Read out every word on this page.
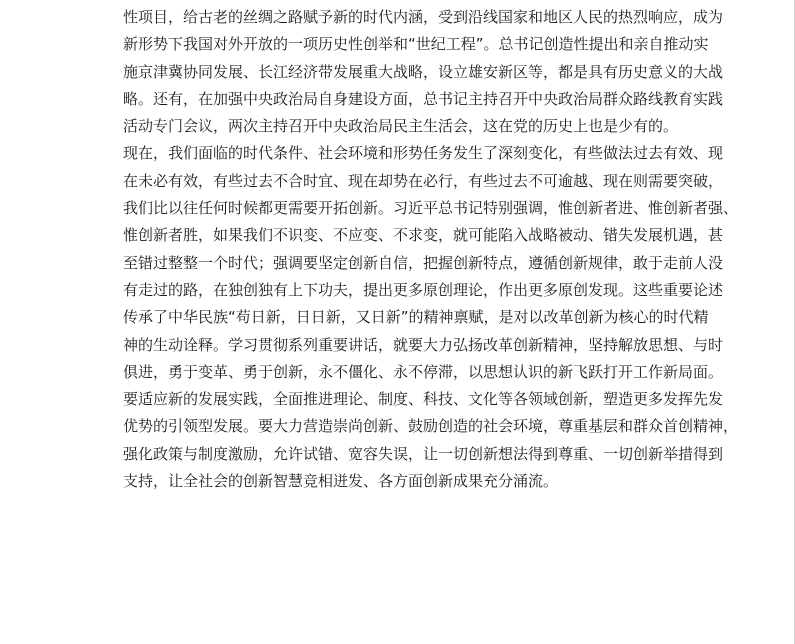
性项目，给古老的丝绸之路赋予新的时代内涵，受到沿线国家和地区人民的热烈响应，成为
新形势下我国对外开放的一项历史性创举和“世纪工程”。总书记创造性提出和亲自推动实
施京津冀协同发展、长江经济带发展重大战略，设立雄安新区等，都是具有历史意义的大战
略。还有，在加强中央政治局自身建设方面，总书记主持召开中央政治局群众路线教育实践
活动专门会议，两次主持召开中央政治局民主生活会，这在党的历史上也是少有的。

现在，我们面临的时代条件、社会环境和形势任务发生了深刻变化，有些做法过去有效、现
在未必有效，有些过去不合时宜、现在却势在必行，有些过去不可逾越、现在则需要突破，
我们比以往任何时候都更需要开拓创新。习近平总书记特别强调，惟创新者进、惟创新者强、
惟创新者胜，如果我们不识变、不应变、不求变，就可能陷入战略被动、错失发展机遇，甚
至错过整整一个时代；强调要坚定创新自信，把握创新特点，遵循创新规律，敢于走前人没
有走过的路，在独创独有上下功夫，提出更多原创理论，作出更多原创发现。这些重要论述
传承了中华民族“苟日新，日日新，又日新”的精神禀赋，是对以改革创新为核心的时代精
神的生动诠释。学习贯彻系列重要讲话，就要大力弘扬改革创新精神，坚持解放思想、与时
俱进，勇于变革、勇于创新，永不僵化、永不停滞，以思想认识的新飞跃打开工作新局面。
要适应新的发展实践，全面推进理论、制度、科技、文化等各领域创新，塑造更多发挥先发
优势的引领型发展。要大力营造崇尚创新、鼓励创造的社会环境，尊重基层和群众首创精神，
强化政策与制度激励，允许试错、宽容失误，让一切创新想法得到尊重、一切创新举措得到
支持，让全社会的创新智慧竞相迸发、各方面创新成果充分涌流。
